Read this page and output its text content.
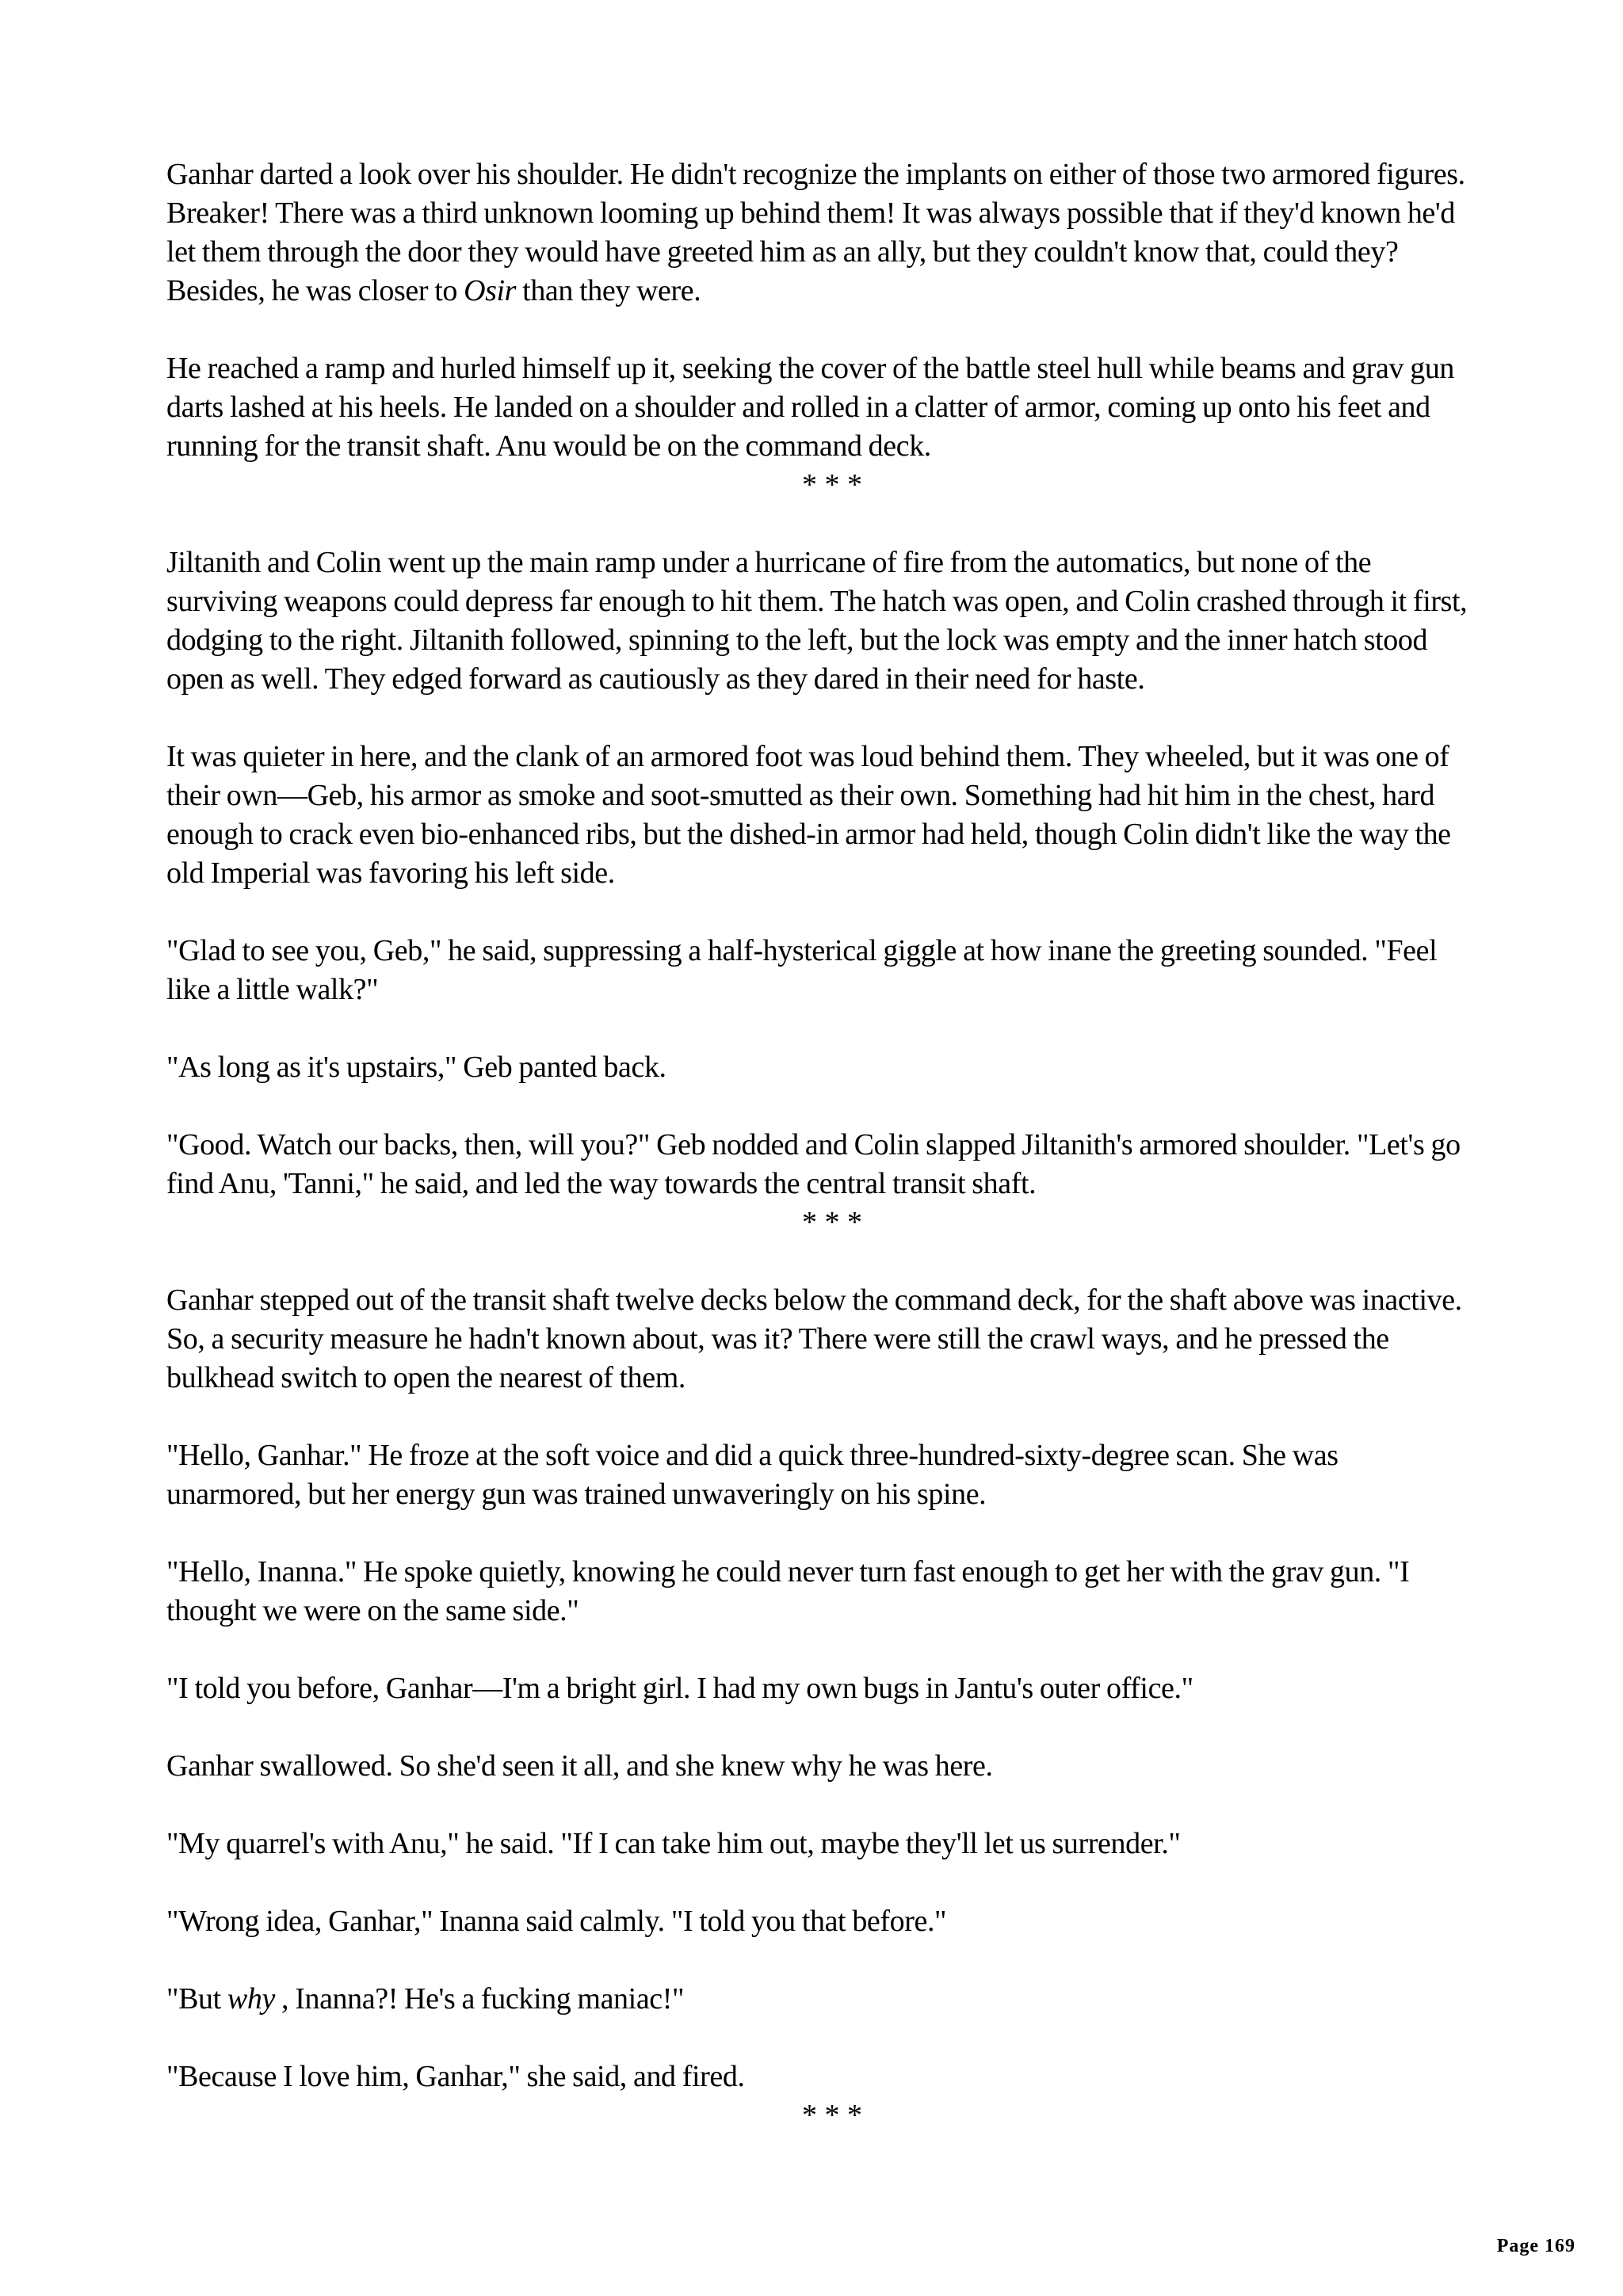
Ganhar darted a look over his shoulder. He didn't recognize the implants on either of those two armored figures. Breaker! There was a third unknown looming up behind them! It was always possible that if they'd known he'd let them through the door they would have greeted him as an ally, but they couldn't know that, could they? Besides, he was closer to Osir than they were.

He reached a ramp and hurled himself up it, seeking the cover of the battle steel hull while beams and grav gun darts lashed at his heels. He landed on a shoulder and rolled in a clatter of armor, coming up onto his feet and running for the transit shaft. Anu would be on the command deck.

* * *

Jiltanith and Colin went up the main ramp under a hurricane of fire from the automatics, but none of the surviving weapons could depress far enough to hit them. The hatch was open, and Colin crashed through it first, dodging to the right. Jiltanith followed, spinning to the left, but the lock was empty and the inner hatch stood open as well. They edged forward as cautiously as they dared in their need for haste.

It was quieter in here, and the clank of an armored foot was loud behind them. They wheeled, but it was one of their own—Geb, his armor as smoke and soot-smutted as their own. Something had hit him in the chest, hard enough to crack even bio-enhanced ribs, but the dished-in armor had held, though Colin didn't like the way the old Imperial was favoring his left side.

"Glad to see you, Geb," he said, suppressing a half-hysterical giggle at how inane the greeting sounded. "Feel like a little walk?"

"As long as it's upstairs," Geb panted back.

"Good. Watch our backs, then, will you?" Geb nodded and Colin slapped Jiltanith's armored shoulder. "Let's go find Anu, 'Tanni," he said, and led the way towards the central transit shaft.

* * *

Ganhar stepped out of the transit shaft twelve decks below the command deck, for the shaft above was inactive. So, a security measure he hadn't known about, was it? There were still the crawl ways, and he pressed the bulkhead switch to open the nearest of them.

"Hello, Ganhar." He froze at the soft voice and did a quick three-hundred-sixty-degree scan. She was unarmored, but her energy gun was trained unwaveringly on his spine.

"Hello, Inanna." He spoke quietly, knowing he could never turn fast enough to get her with the grav gun. "I thought we were on the same side."

"I told you before, Ganhar—I'm a bright girl. I had my own bugs in Jantu's outer office."

Ganhar swallowed. So she'd seen it all, and she knew why he was here.

"My quarrel's with Anu," he said. "If I can take him out, maybe they'll let us surrender."

"Wrong idea, Ganhar," Inanna said calmly. "I told you that before."

"But why , Inanna?! He's a fucking maniac!"

"Because I love him, Ganhar," she said, and fired.

* * *
Page 169
